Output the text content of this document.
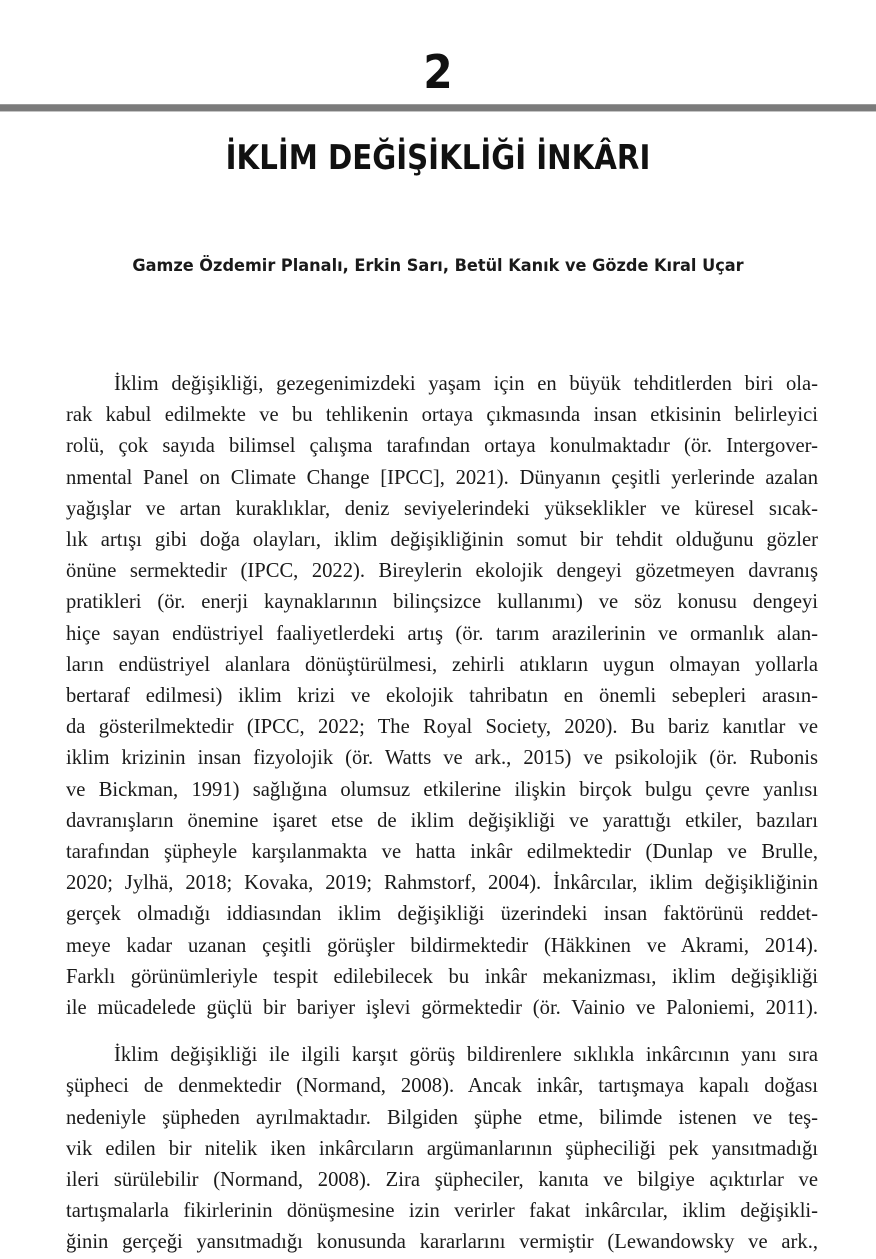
2
İKLİM DEĞİŞİKLİĞİ İNKÂRI
Gamze Özdemir Planalı, Erkin Sarı, Betül Kanık ve Gözde Kıral Uçar

İklim değişikliği, gezegenimizdeki yaşam için en büyük tehditlerden biri ola-
rak kabul edilmekte ve bu tehlikenin ortaya çıkmasında insan etkisinin belirleyici
rolü, çok sayıda bilimsel çalışma tarafından ortaya konulmaktadır (ör. Intergover-
nmental Panel on Climate Change [IPCC], 2021). Dünyanın çeşitli yerlerinde azalan
yağışlar ve artan kuraklıklar, deniz seviyelerindeki yükseklikler ve küresel sıcak-
lık artışı gibi doğa olayları, iklim değişikliğinin somut bir tehdit olduğunu gözler
önüne sermektedir (IPCC, 2022). Bireylerin ekolojik dengeyi gözetmeyen davranış
pratikleri (ör. enerji kaynaklarının bilinçsizce kullanımı) ve söz konusu dengeyi
hiçe sayan endüstriyel faaliyetlerdeki artış (ör. tarım arazilerinin ve ormanlık alan-
ların endüstriyel alanlara dönüştürülmesi, zehirli atıkların uygun olmayan yollarla
bertaraf edilmesi) iklim krizi ve ekolojik tahribatın en önemli sebepleri arasın-
da gösterilmektedir (IPCC, 2022; The Royal Society, 2020). Bu bariz kanıtlar ve
iklim krizinin insan fizyolojik (ör. Watts ve ark., 2015) ve psikolojik (ör. Rubonis
ve Bickman, 1991) sağlığına olumsuz etkilerine ilişkin birçok bulgu çevre yanlısı
davranışların önemine işaret etse de iklim değişikliği ve yarattığı etkiler, bazıları
tarafından şüpheyle karşılanmakta ve hatta inkâr edilmektedir (Dunlap ve Brulle,
2020; Jylhä, 2018; Kovaka, 2019; Rahmstorf, 2004). İnkârcılar, iklim değişikliğinin
gerçek olmadığı iddiasından iklim değişikliği üzerindeki insan faktörünü reddet-
meye kadar uzanan çeşitli görüşler bildirmektedir (Häkkinen ve Akrami, 2014).
Farklı görünümleriyle tespit edilebilecek bu inkâr mekanizması, iklim değişikliği
ile mücadelede güçlü bir bariyer işlevi görmektedir (ör. Vainio ve Paloniemi, 2011).

İklim değişikliği ile ilgili karşıt görüş bildirenlere sıklıkla inkârcının yanı sıra
şüpheci de denmektedir (Normand, 2008). Ancak inkâr, tartışmaya kapalı doğası
nedeniyle şüpheden ayrılmaktadır. Bilgiden şüphe etme, bilimde istenen ve teş-
vik edilen bir nitelik iken inkârcıların argümanlarının şüpheciliği pek yansıtmadığı
ileri sürülebilir (Normand, 2008). Zira şüpheciler, kanıta ve bilgiye açıktırlar ve
tartışmalarla fikirlerinin dönüşmesine izin verirler fakat inkârcılar, iklim değişikli-
ğinin gerçeği yansıtmadığı konusunda kararlarını vermiştir (Lewandowsky ve ark.,
